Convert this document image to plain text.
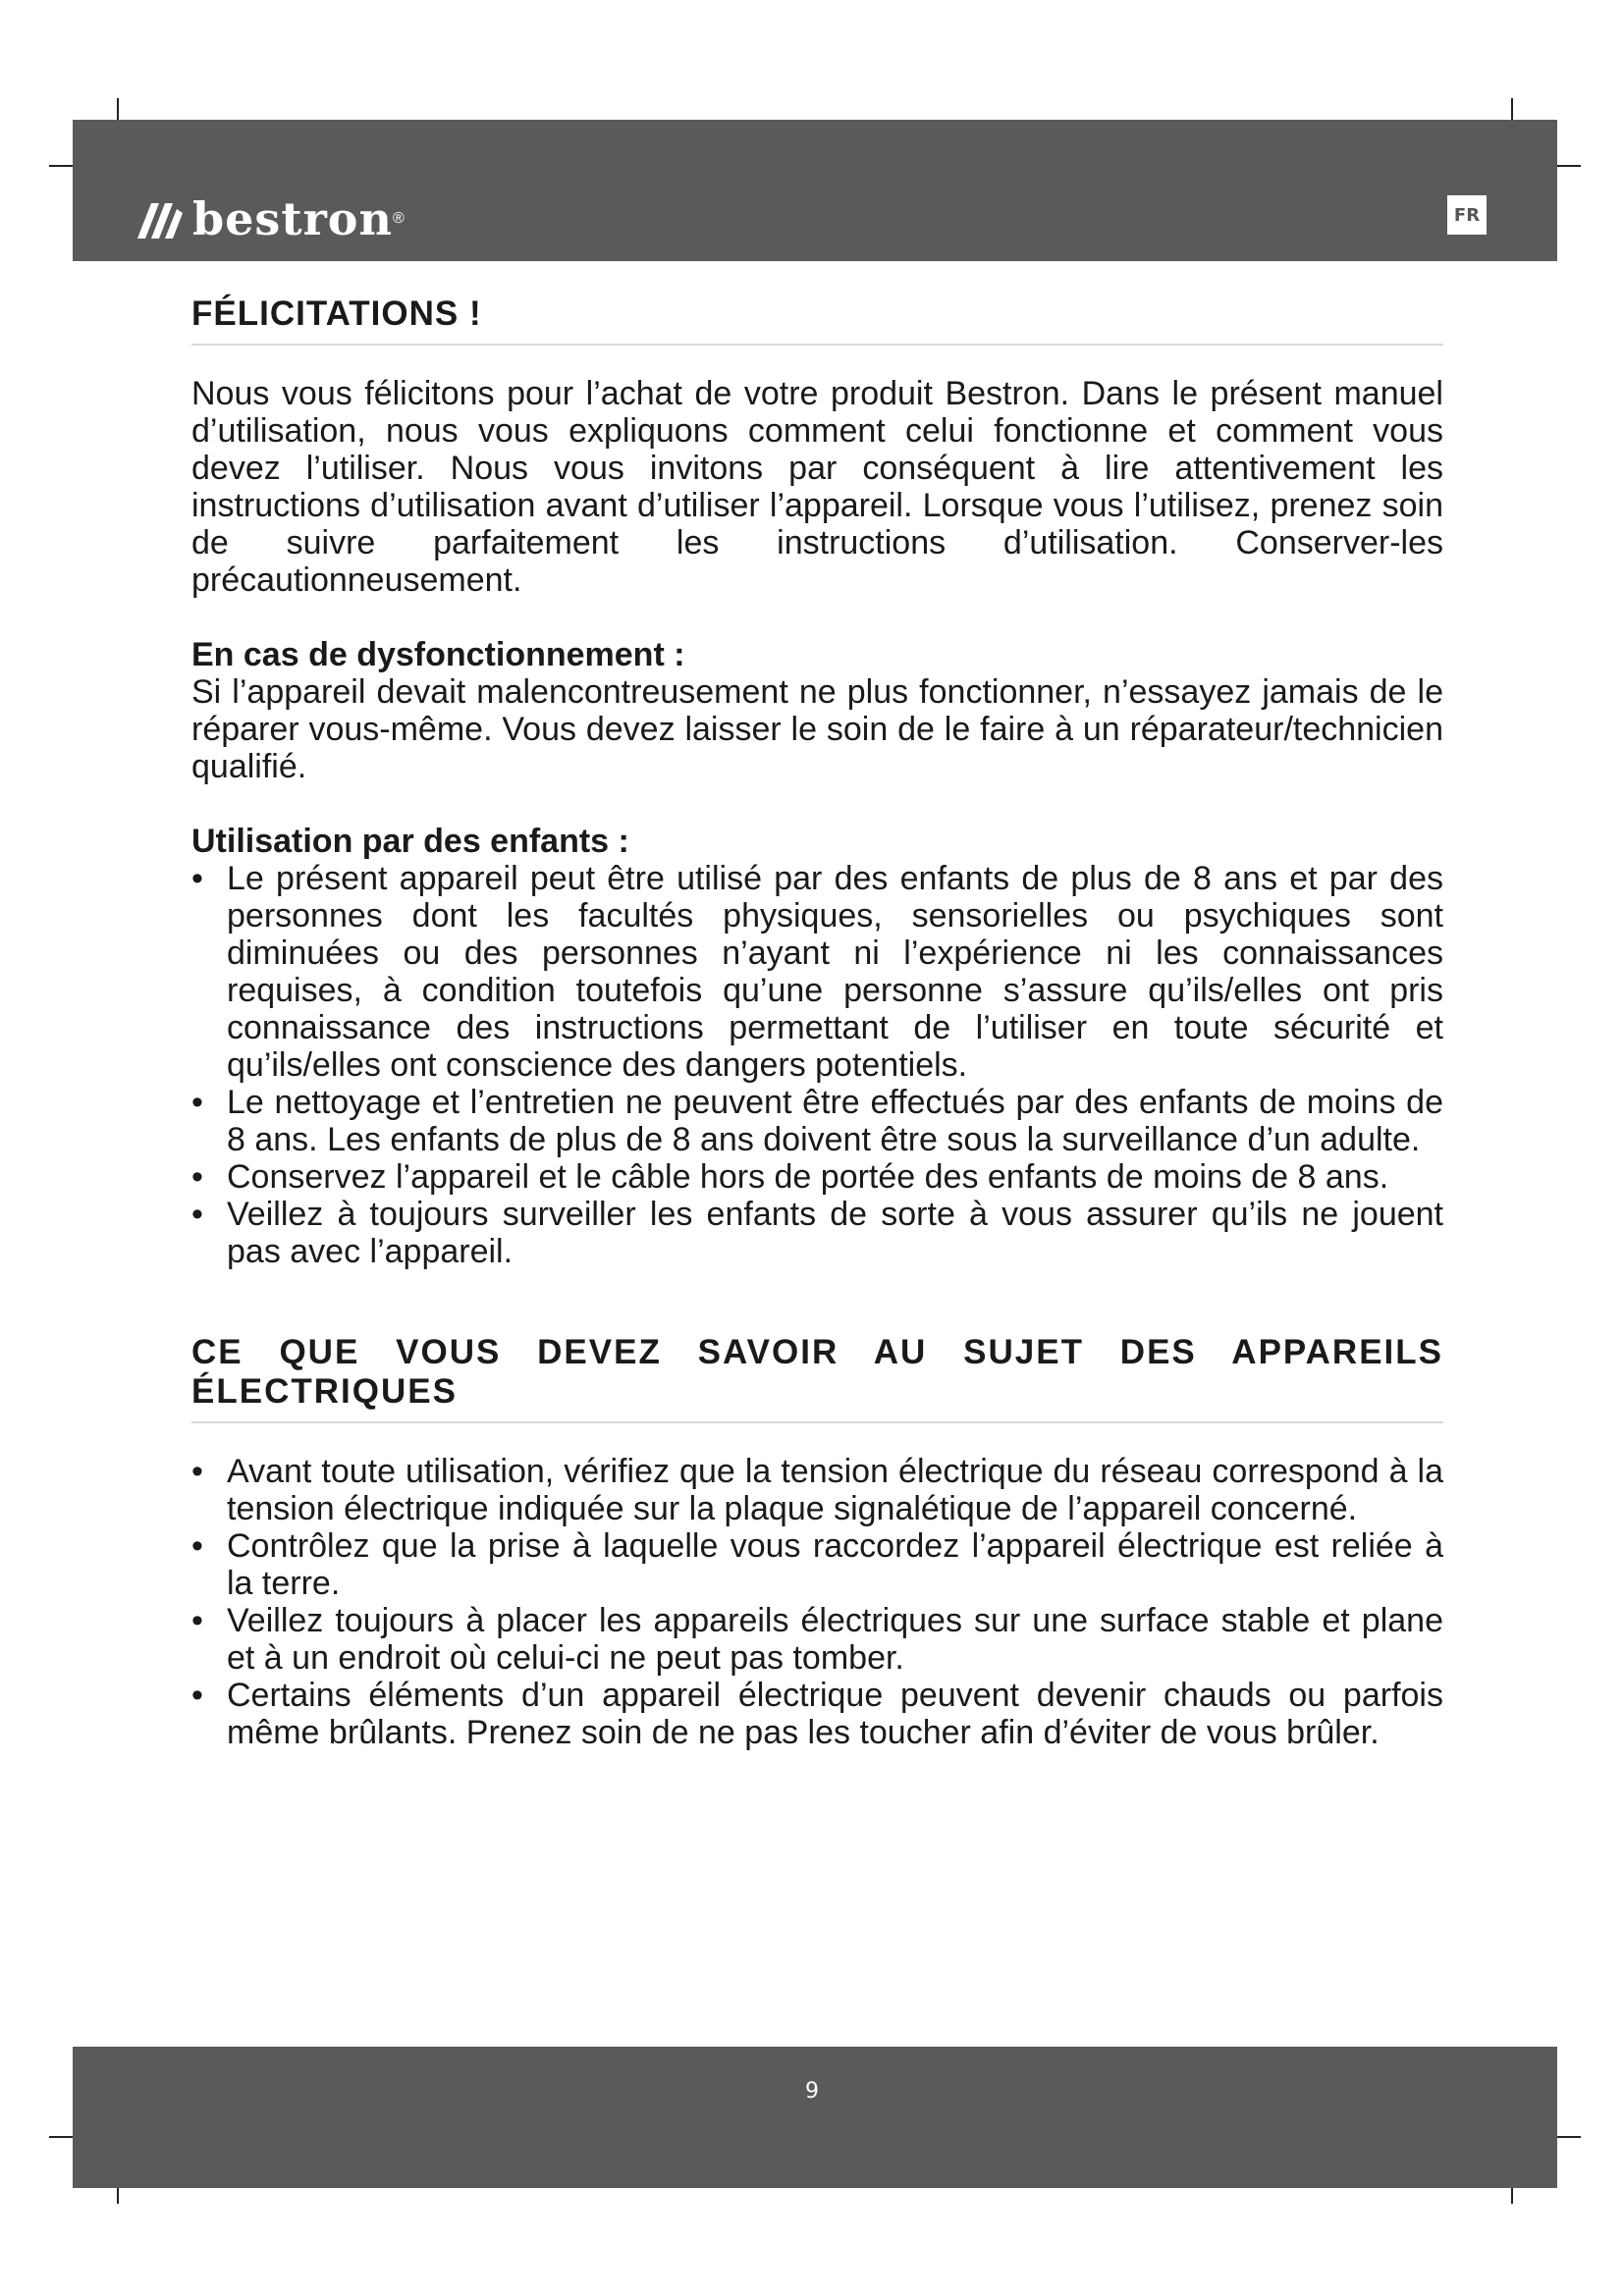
bestron ®	FR
FÉLICITATIONS !

Nous vous félicitons pour l’achat de votre produit Bestron. Dans le présent manuel d’utilisation, nous vous expliquons comment celui fonctionne et comment vous devez l’utiliser. Nous vous invitons par conséquent à lire attentivement les instructions d’utilisation avant d’utiliser l’appareil. Lorsque vous l’utilisez, prenez soin de suivre parfaitement les instructions d’utilisation. Conserver-les précautionneusement.

En cas de dysfonctionnement :

Si l’appareil devait malencontreusement ne plus fonctionner, n’essayez jamais de le réparer vous-même. Vous devez laisser le soin de le faire à un réparateur/technicien qualifié.

Utilisation par des enfants :

• Le présent appareil peut être utilisé par des enfants de plus de 8 ans et par des personnes dont les facultés physiques, sensorielles ou psychiques sont diminuées ou des personnes n’ayant ni l’expérience ni les connaissances requises, à condition toutefois qu’une personne s’assure qu’ils/elles ont pris connaissance des instructions permettant de l’utiliser en toute sécurité et qu’ils/elles ont conscience des dangers potentiels.
• Le nettoyage et l’entretien ne peuvent être effectués par des enfants de moins de 8 ans. Les enfants de plus de 8 ans doivent être sous la surveillance d’un adulte.
• Conservez l’appareil et le câble hors de portée des enfants de moins de 8 ans.
• Veillez à toujours surveiller les enfants de sorte à vous assurer qu’ils ne jouent pas avec l’appareil.
CE QUE VOUS DEVEZ SAVOIR AU SUJET DES APPAREILS ÉLECTRIQUES
• Avant toute utilisation, vérifiez que la tension électrique du réseau correspond à la tension électrique indiquée sur la plaque signalétique de l’appareil concerné.
• Contrôlez que la prise à laquelle vous raccordez l’appareil électrique est reliée à la terre.
• Veillez toujours à placer les appareils électriques sur une surface stable et plane et à un endroit où celui-ci ne peut pas tomber.
• Certains éléments d’un appareil électrique peuvent devenir chauds ou parfois même brûlants. Prenez soin de ne pas les toucher afin d’éviter de vous brûler.
9
